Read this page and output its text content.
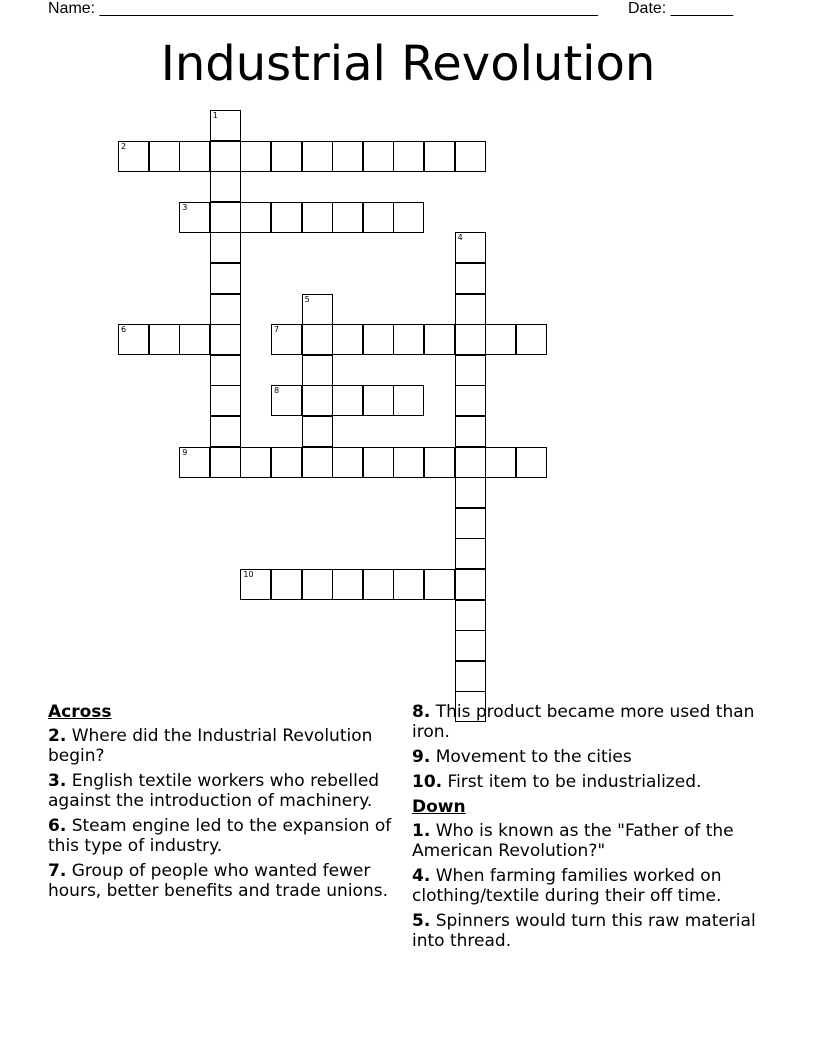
Name: ________________________________________________________ Date: _______
Industrial Revolution
1
2
3
4
5
6	7
8
9
10
Across
2. Where did the Industrial Revolution begin?
3. English textile workers who rebelled against the introduction of machinery.
6. Steam engine led to the expansion of this type of industry.
7. Group of people who wanted fewer hours, better benefits and trade unions.
8. This product became more used than iron.
9. Movement to the cities
10. First item to be industrialized.
Down
1. Who is known as the "Father of the American Revolution?"
4. When farming families worked on clothing/textile during their off time.
5. Spinners would turn this raw material into thread.
